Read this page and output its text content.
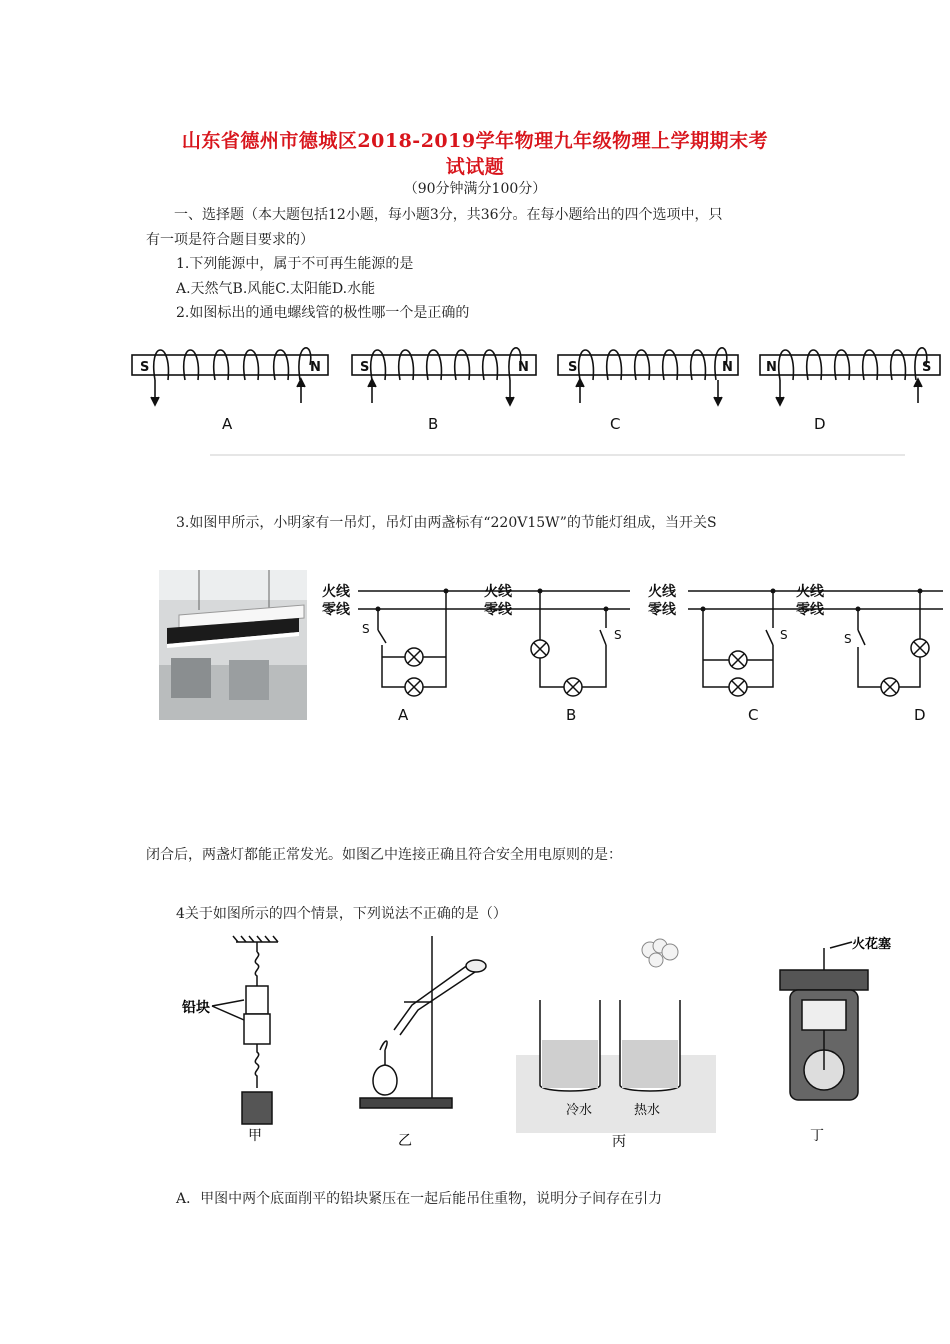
山东省德州市德城区2018-2019学年物理九年级物理上学期期末考
试试题
（90分钟满分100分）
一、选择题（本大题包括12小题，每小题3分，共36分。在每小题给出的四个选项中，只
有一项是符合题目要求的）
1.下列能源中，属于不可再生能源的是
A.天然气B.风能C.太阳能D.水能
2.如图标出的通电螺线管的极性哪一个是正确的
S	N	S	N	S	N	N	S
A	B	C	D
3.如图甲所示，小明家有一吊灯，吊灯由两盏标有“220V15W”的节能灯组成，当开关S
火线
零线
火线
零线
火线
零线
火线
零线
S	S	S	S
A	B	C	D
闭合后，两盏灯都能正常发光。如图乙中连接正确且符合安全用电原则的是：
4关于如图所示的四个情景，下列说法不正确的是（）
铅块
甲	乙
冷水	热水
丙
火花塞
丁
A．甲图中两个底面削平的铅块紧压在一起后能吊住重物，说明分子间存在引力
